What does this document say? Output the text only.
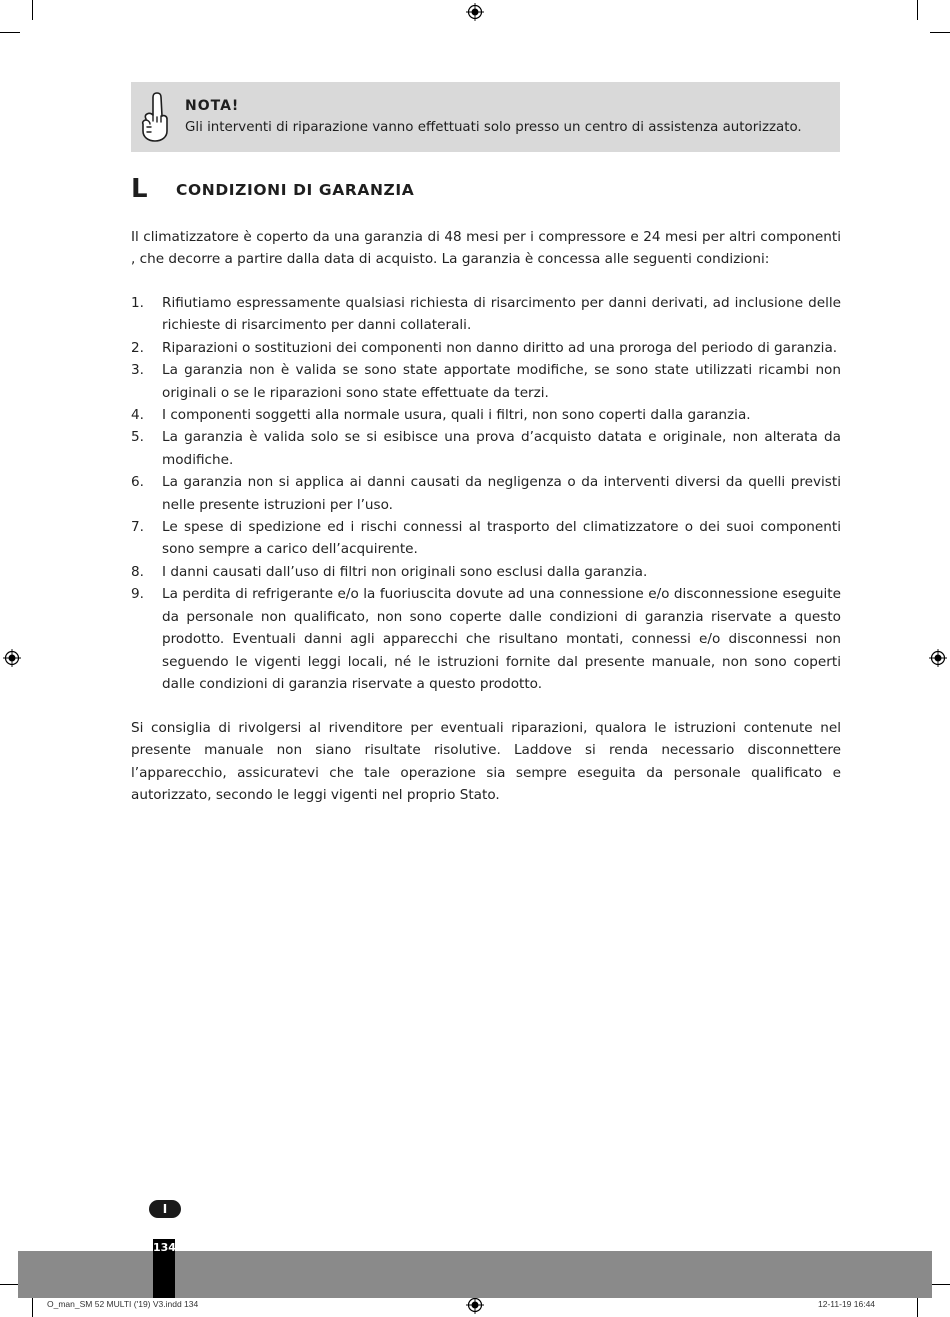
NOTA!
Gli interventi di riparazione vanno effettuati solo presso un centro di assistenza autorizzato.
L CONDIZIONI DI GARANZIA
Il climatizzatore è coperto da una garanzia di 48 mesi per i compressore e 24 mesi per altri componenti , che decorre a partire dalla data di acquisto. La garanzia è concessa alle seguenti condizioni:
1. Rifiutiamo espressamente qualsiasi richiesta di risarcimento per danni derivati, ad inclusione delle richieste di risarcimento per danni collaterali.
2. Riparazioni o sostituzioni dei componenti non danno diritto ad una proroga del periodo di garanzia.
3. La garanzia non è valida se sono state apportate modifiche, se sono state utilizzati ricambi non originali o se le riparazioni sono state effettuate da terzi.
4. I componenti soggetti alla normale usura, quali i filtri, non sono coperti dalla garanzia.
5. La garanzia è valida solo se si esibisce una prova d’acquisto datata e originale, non alterata da modifiche.
6. La garanzia non si applica ai danni causati da negligenza o da interventi diversi da quelli previsti nelle presente istruzioni per l’uso.
7. Le spese di spedizione ed i rischi connessi al trasporto del climatizzatore o dei suoi componenti sono sempre a carico dell’acquirente.
8. I danni causati dall’uso di filtri non originali sono esclusi dalla garanzia.
9. La perdita di refrigerante e/o la fuoriuscita dovute ad una connessione e/o disconnessione eseguite da personale non qualificato, non sono coperte dalle condizioni di garanzia riservate a questo prodotto. Eventuali danni agli apparecchi che risultano montati, connessi e/o disconnessi non seguendo le vigenti leggi locali, né le istruzioni fornite dal presente manuale, non sono coperti dalle condizioni di garanzia riservate a questo prodotto.
Si consiglia di rivolgersi al rivenditore per eventuali riparazioni, qualora le istruzioni contenute nel presente manuale non siano risultate risolutive. Laddove si renda necessario disconnettere l’apparecchio, assicuratevi che tale operazione sia sempre eseguita da personale qualificato e autorizzato, secondo le leggi vigenti nel proprio Stato.
I
134
O_man_SM 52 MULTI ('19) V3.indd 134	12-11-19 16:44
